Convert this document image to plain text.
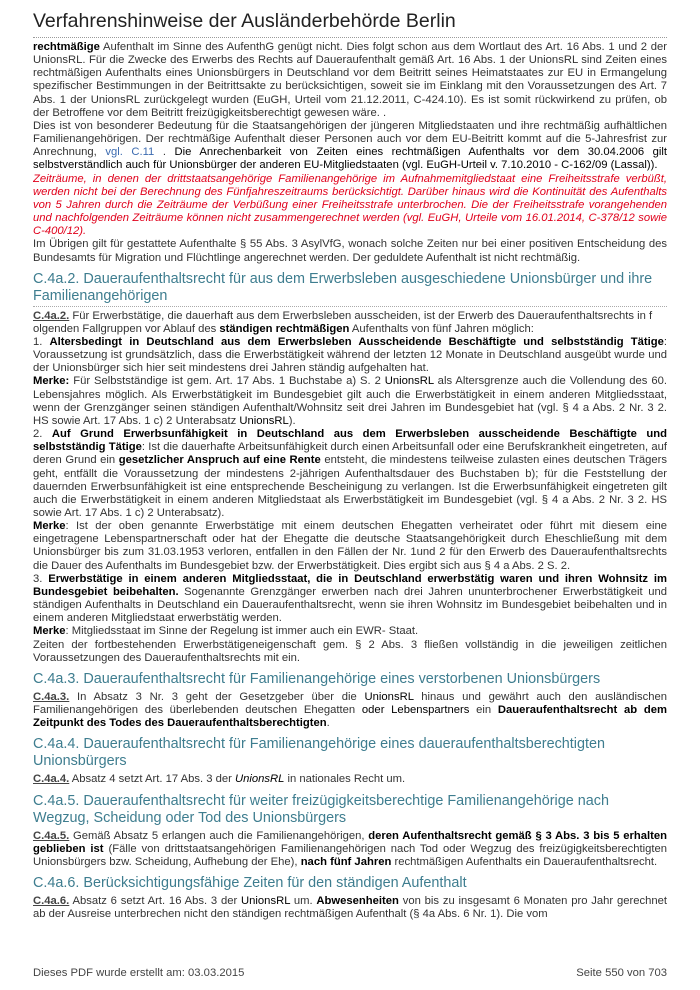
Verfahrenshinweise der Ausländerbehörde Berlin

rechtmäßige Aufenthalt im Sinne des AufenthG genügt nicht. Dies folgt schon aus dem Wortlaut des Art. 16 Abs. 1 und 2 der UnionsRL. Für die Zwecke des Erwerbs des Rechts auf Daueraufenthalt gemäß Art. 16 Abs. 1 der UnionsRL sind Zeiten eines rechtmäßigen Aufenthalts eines Unionsbürgers in Deutschland vor dem Beitritt seines Heimatstaates zur EU in Ermangelung spezifischer Bestimmungen in der Beitrittsakte zu berücksichtigen, soweit sie im Einklang mit den Voraussetzungen des Art. 7 Abs. 1 der UnionsRL zurückgelegt wurden (EuGH, Urteil vom 21.12.2011, C-424.10). Es ist somit rückwirkend zu prüfen, ob der Betroffene vor dem Beitritt freizügigkeitsberechtigt gewesen wäre. .

Dies ist von besonderer Bedeutung für die Staatsangehörigen der jüngeren Mitgliedstaaten und ihre rechtmäßig aufhältlichen Familienangehörigen. Der rechtmäßige Aufenthalt dieser Personen auch vor dem EU-Beitritt kommt auf die 5-Jahresfrist zur Anrechnung, vgl. C.11 . Die Anrechenbarkeit von Zeiten eines rechtmäßigen Aufenthalts vor dem 30.04.2006 gilt selbstverständlich auch für Unionsbürger der anderen EU-Mitgliedstaaten (vgl. EuGH-Urteil v. 7.10.2010 - C-162/09 (Lassal)).

Zeiträume, in denen der drittstaatsangehörige Familienangehörige im Aufnahmemitgliedstaat eine Freiheitsstrafe verbüßt, werden nicht bei der Berechnung des Fünfjahreszeitraums berücksichtigt. Darüber hinaus wird die Kontinuität des Aufenthalts von 5 Jahren durch die Zeiträume der Verbüßung einer Freiheitsstrafe unterbrochen. Die der Freiheitsstrafe vorangehenden und nachfolgenden Zeiträume können nicht zusammengerechnet werden (vgl. EuGH, Urteile vom 16.01.2014, C-378/12 sowie C-400/12).

Im Übrigen gilt für gestattete Aufenthalte § 55 Abs. 3 AsylVfG, wonach solche Zeiten nur bei einer positiven Entscheidung des Bundesamts für Migration und Flüchtlinge angerechnet werden. Der geduldete Aufenthalt ist nicht rechtmäßig.

C.4a.2. Daueraufenthaltsrecht für aus dem Erwerbsleben ausgeschiedene Unionsbürger und ihre Familienangehörigen

C.4a.2. Für Erwerbstätige, die dauerhaft aus dem Erwerbsleben ausscheiden, ist der Erwerb des Daueraufenthaltsrechts in f

olgenden Fallgruppen vor Ablauf des ständigen rechtmäßigen Aufenthalts von fünf Jahren möglich:

1. Altersbedingt in Deutschland aus dem Erwerbsleben Ausscheidende Beschäftigte und selbstständig Tätige: Voraussetzung ist grundsätzlich, dass die Erwerbstätigkeit während der letzten 12 Monate in Deutschland ausgeübt wurde und der Unionsbürger sich hier seit mindestens drei Jahren ständig aufgehalten hat.

Merke: Für Selbstständige ist gem. Art. 17 Abs. 1 Buchstabe a) S. 2 UnionsRL als Altersgrenze auch die Vollendung des 60. Lebensjahres möglich. Als Erwerbstätigkeit im Bundesgebiet gilt auch die Erwerbstätigkeit in einem anderen Mitgliedsstaat, wenn der Grenzgänger seinen ständigen Aufenthalt/Wohnsitz seit drei Jahren im Bundesgebiet hat (vgl. § 4 a Abs. 2 Nr. 3 2. HS sowie Art. 17 Abs. 1 c) 2 Unterabsatz UnionsRL).

2. Auf Grund Erwerbsunfähigkeit in Deutschland aus dem Erwerbsleben ausscheidende Beschäftigte und selbstständig Tätige: Ist die dauerhafte Arbeitsunfähigkeit durch einen Arbeitsunfall oder eine Berufskrankheit eingetreten, auf deren Grund ein gesetzlicher Anspruch auf eine Rente entsteht, die mindestens teilweise zulasten eines deutschen Trägers geht, entfällt die Voraussetzung der mindestens 2-jährigen Aufenthaltsdauer des Buchstaben b); für die Feststellung der dauernden Erwerbsunfähigkeit ist eine entsprechende Bescheinigung zu verlangen. Ist die Erwerbsunfähigkeit eingetreten gilt auch die Erwerbstätigkeit in einem anderen Mitgliedstaat als Erwerbstätigkeit im Bundesgebiet (vgl. § 4 a Abs. 2 Nr. 3 2. HS sowie Art. 17 Abs. 1 c) 2 Unterabsatz).

Merke: Ist der oben genannte Erwerbstätige mit einem deutschen Ehegatten verheiratet oder führt mit diesem eine eingetragene Lebenspartnerschaft oder hat der Ehegatte die deutsche Staatsangehörigkeit durch Eheschließung mit dem Unionsbürger bis zum 31.03.1953 verloren, entfallen in den Fällen der Nr. 1und 2 für den Erwerb des Daueraufenthaltsrechts die Dauer des Aufenthalts im Bundesgebiet bzw. der Erwerbstätigkeit. Dies ergibt sich aus § 4 a Abs. 2 S. 2.

3. Erwerbstätige in einem anderen Mitgliedsstaat, die in Deutschland erwerbstätig waren und ihren Wohnsitz im Bundesgebiet beibehalten. Sogenannte Grenzgänger erwerben nach drei Jahren ununterbrochener Erwerbstätigkeit und ständigen Aufenthalts in Deutschland ein Daueraufenthaltsrecht, wenn sie ihren Wohnsitz im Bundesgebiet beibehalten und in einem anderen Mitgliedstaat erwerbstätig werden.

Merke: Mitgliedsstaat im Sinne der Regelung ist immer auch ein EWR- Staat.

Zeiten der fortbestehenden Erwerbstätigeneigenschaft gem. § 2 Abs. 3 fließen vollständig in die jeweiligen zeitlichen Voraussetzungen des Daueraufenthaltsrechts mit ein.

C.4a.3. Daueraufenthaltsrecht für Familienangehörige eines verstorbenen Unionsbürgers

C.4a.3. In Absatz 3 Nr. 3 geht der Gesetzgeber über die UnionsRL hinaus und gewährt auch den ausländischen Familienangehörigen des überlebenden deutschen Ehegatten oder Lebenspartners ein Daueraufenthaltsrecht ab dem Zeitpunkt des Todes des Daueraufenthaltsberechtigten.

C.4a.4. Daueraufenthaltsrecht für Familienangehörige eines daueraufenthaltsberechtigten Unionsbürgers

C.4a.4. Absatz 4 setzt Art. 17 Abs. 3 der UnionsRL in nationales Recht um.

C.4a.5. Daueraufenthaltsrecht für weiter freizügigkeitsberechtige Familienangehörige nach Wegzug, Scheidung oder Tod des Unionsbürgers

C.4a.5. Gemäß Absatz 5 erlangen auch die Familienangehörigen, deren Aufenthaltsrecht gemäß § 3 Abs. 3 bis 5 erhalten geblieben ist (Fälle von drittstaatsangehörigen Familienangehörigen nach Tod oder Wegzug des freizügigkeitsberechtigten Unionsbürgers bzw. Scheidung, Aufhebung der Ehe), nach fünf Jahren rechtmäßigen Aufenthalts ein Daueraufenthaltsrecht.

C.4a.6. Berücksichtigungsfähige Zeiten für den ständigen Aufenthalt

C.4a.6. Absatz 6 setzt Art. 16 Abs. 3 der UnionsRL um. Abwesenheiten von bis zu insgesamt 6 Monaten pro Jahr gerechnet ab der Ausreise unterbrechen nicht den ständigen rechtmäßigen Aufenthalt (§ 4a Abs. 6 Nr. 1). Die vom

Dieses PDF wurde erstellt am: 03.03.2015	Seite 550 von 703
